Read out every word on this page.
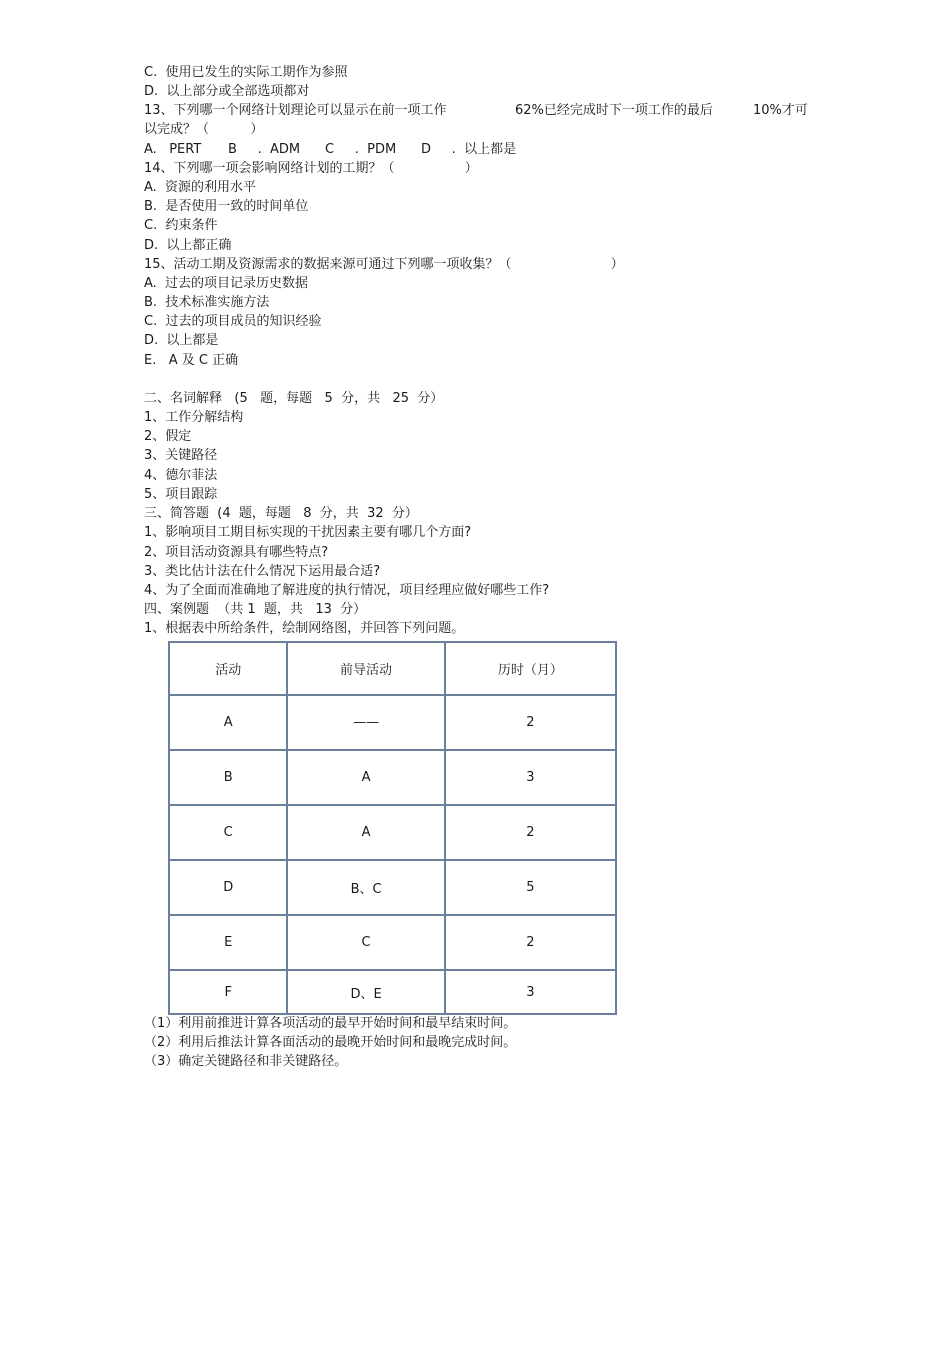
C.  使用已发生的实际工期作为参照
D.  以上部分或全部选项都对
13、下列哪一个网络计划理论可以显示在前一项工作	62%已经完成时下一项工作的最后	10%才可
以完成？（          ）
A.   PERT B     .  ADM C     .  PDM D     .  以上都是
14、下列哪一项会影响网络计划的工期？（                 ）
A.  资源的利用水平
B.  是否使用一致的时间单位
C.  约束条件
D.  以上都正确
15、活动工期及资源需求的数据来源可通过下列哪一项收集？（                        ）
A.  过去的项目记录历史数据
B.  技术标准实施方法
C.  过去的项目成员的知识经验
D.  以上都是
E.   A 及 C 正确
二、名词解释   (5   题，每题   5  分，共   25  分）
1、工作分解结构
2、假定
3、关键路径
4、德尔菲法
5、项目跟踪
三、简答题  (4  题，每题   8  分，共  32  分）
1、影响项目工期目标实现的干扰因素主要有哪几个方面?
2、项目活动资源具有哪些特点?
3、类比估计法在什么情况下运用最合适?
4、为了全面而准确地了解进度的执行情况，项目经理应做好哪些工作?
四、案例题  （共 1  题，共   13  分）
1、根据表中所给条件，绘制网络图，并回答下列问题。
活动	前导活动	历时（月）
A	——	2
B	A	3
C	A	2
D	B、C	5
E	C	2
F	D、E	3
（1）利用前推进计算各项活动的最早开始时间和最早结束时间。
（2）利用后推法计算各面活动的最晚开始时间和最晚完成时间。
（3）确定关键路径和非关键路径。
